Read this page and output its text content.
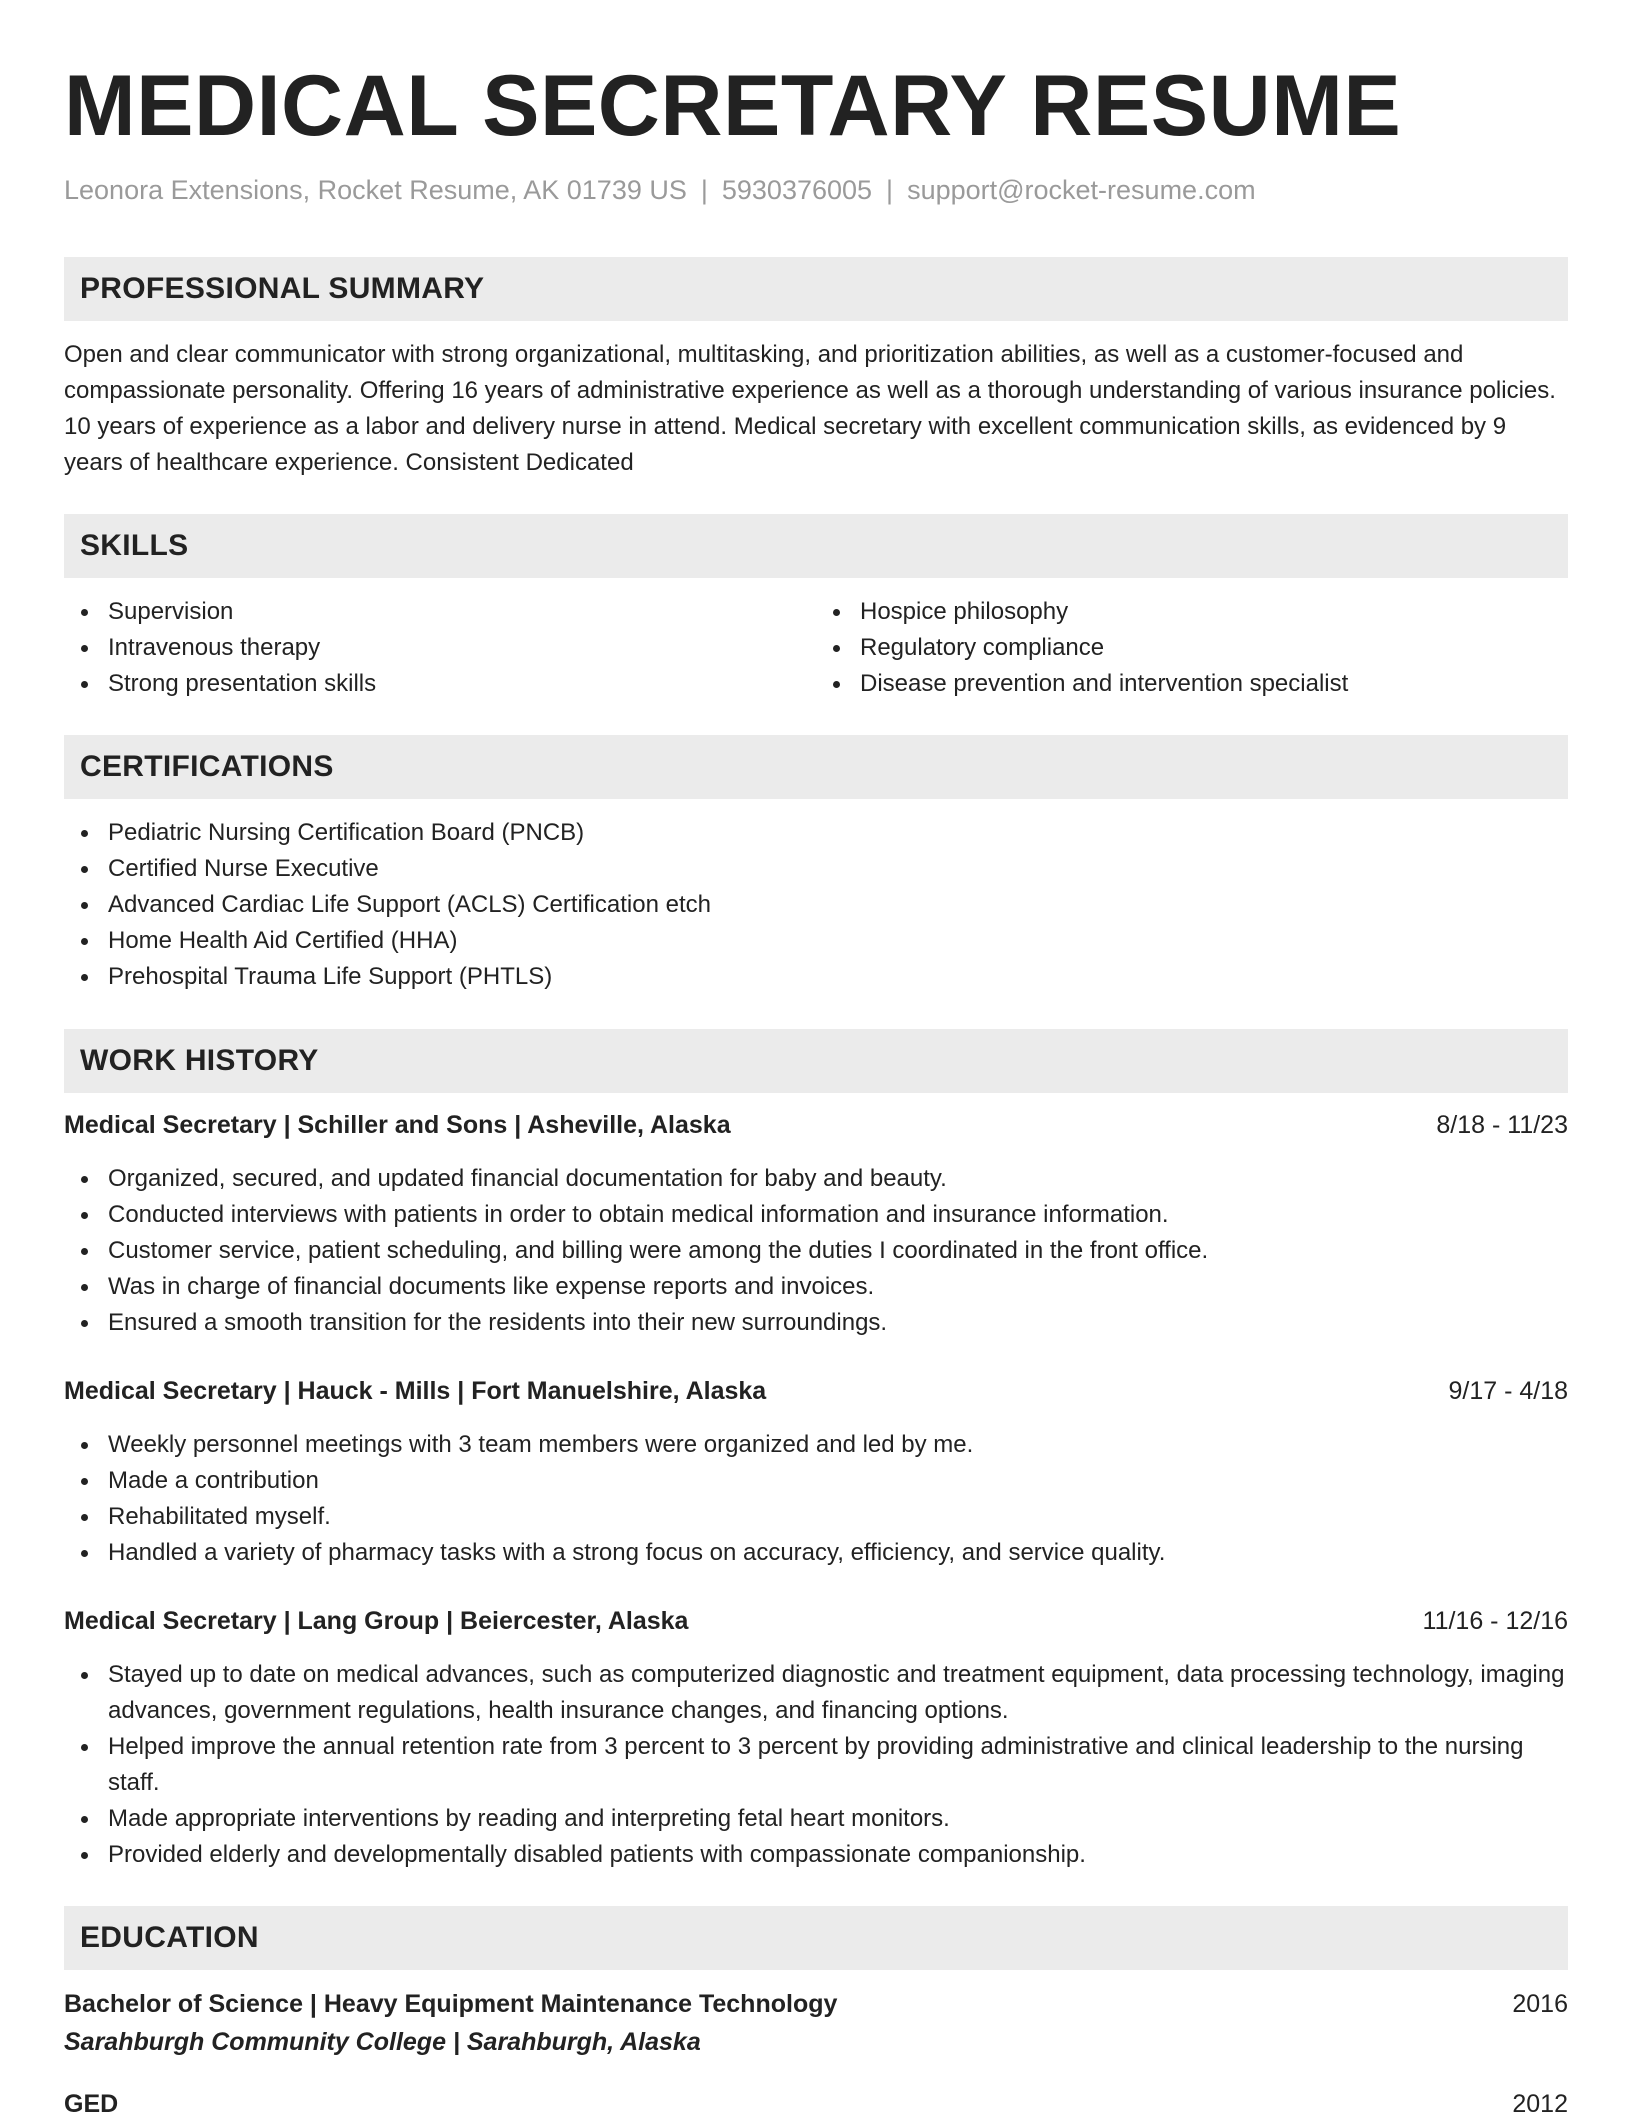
MEDICAL SECRETARY RESUME
Leonora Extensions, Rocket Resume, AK 01739 US | 5930376005 | support@rocket-resume.com
PROFESSIONAL SUMMARY

Open and clear communicator with strong organizational, multitasking, and prioritization abilities, as well as a customer-focused and compassionate personality. Offering 16 years of administrative experience as well as a thorough understanding of various insurance policies. 10 years of experience as a labor and delivery nurse in attend. Medical secretary with excellent communication skills, as evidenced by 9 years of healthcare experience. Consistent Dedicated

SKILLS
Supervision
Intravenous therapy
Strong presentation skills
Hospice philosophy
Regulatory compliance
Disease prevention and intervention specialist
CERTIFICATIONS
Pediatric Nursing Certification Board (PNCB)
Certified Nurse Executive
Advanced Cardiac Life Support (ACLS) Certification etch
Home Health Aid Certified (HHA)
Prehospital Trauma Life Support (PHTLS)
WORK HISTORY
Medical Secretary | Schiller and Sons | Asheville, Alaska	8/18 - 11/23
Organized, secured, and updated financial documentation for baby and beauty.
Conducted interviews with patients in order to obtain medical information and insurance information.
Customer service, patient scheduling, and billing were among the duties I coordinated in the front office.
Was in charge of financial documents like expense reports and invoices.
Ensured a smooth transition for the residents into their new surroundings.
Medical Secretary | Hauck - Mills | Fort Manuelshire, Alaska	9/17 - 4/18
Weekly personnel meetings with 3 team members were organized and led by me.
Made a contribution
Rehabilitated myself.
Handled a variety of pharmacy tasks with a strong focus on accuracy, efficiency, and service quality.
Medical Secretary | Lang Group | Beiercester, Alaska	11/16 - 12/16
Stayed up to date on medical advances, such as computerized diagnostic and treatment equipment, data processing technology, imaging advances, government regulations, health insurance changes, and financing options.
Helped improve the annual retention rate from 3 percent to 3 percent by providing administrative and clinical leadership to the nursing staff.
Made appropriate interventions by reading and interpreting fetal heart monitors.
Provided elderly and developmentally disabled patients with compassionate companionship.
EDUCATION
Bachelor of Science | Heavy Equipment Maintenance Technology	2016
Sarahburgh Community College | Sarahburgh, Alaska
GED	2012
